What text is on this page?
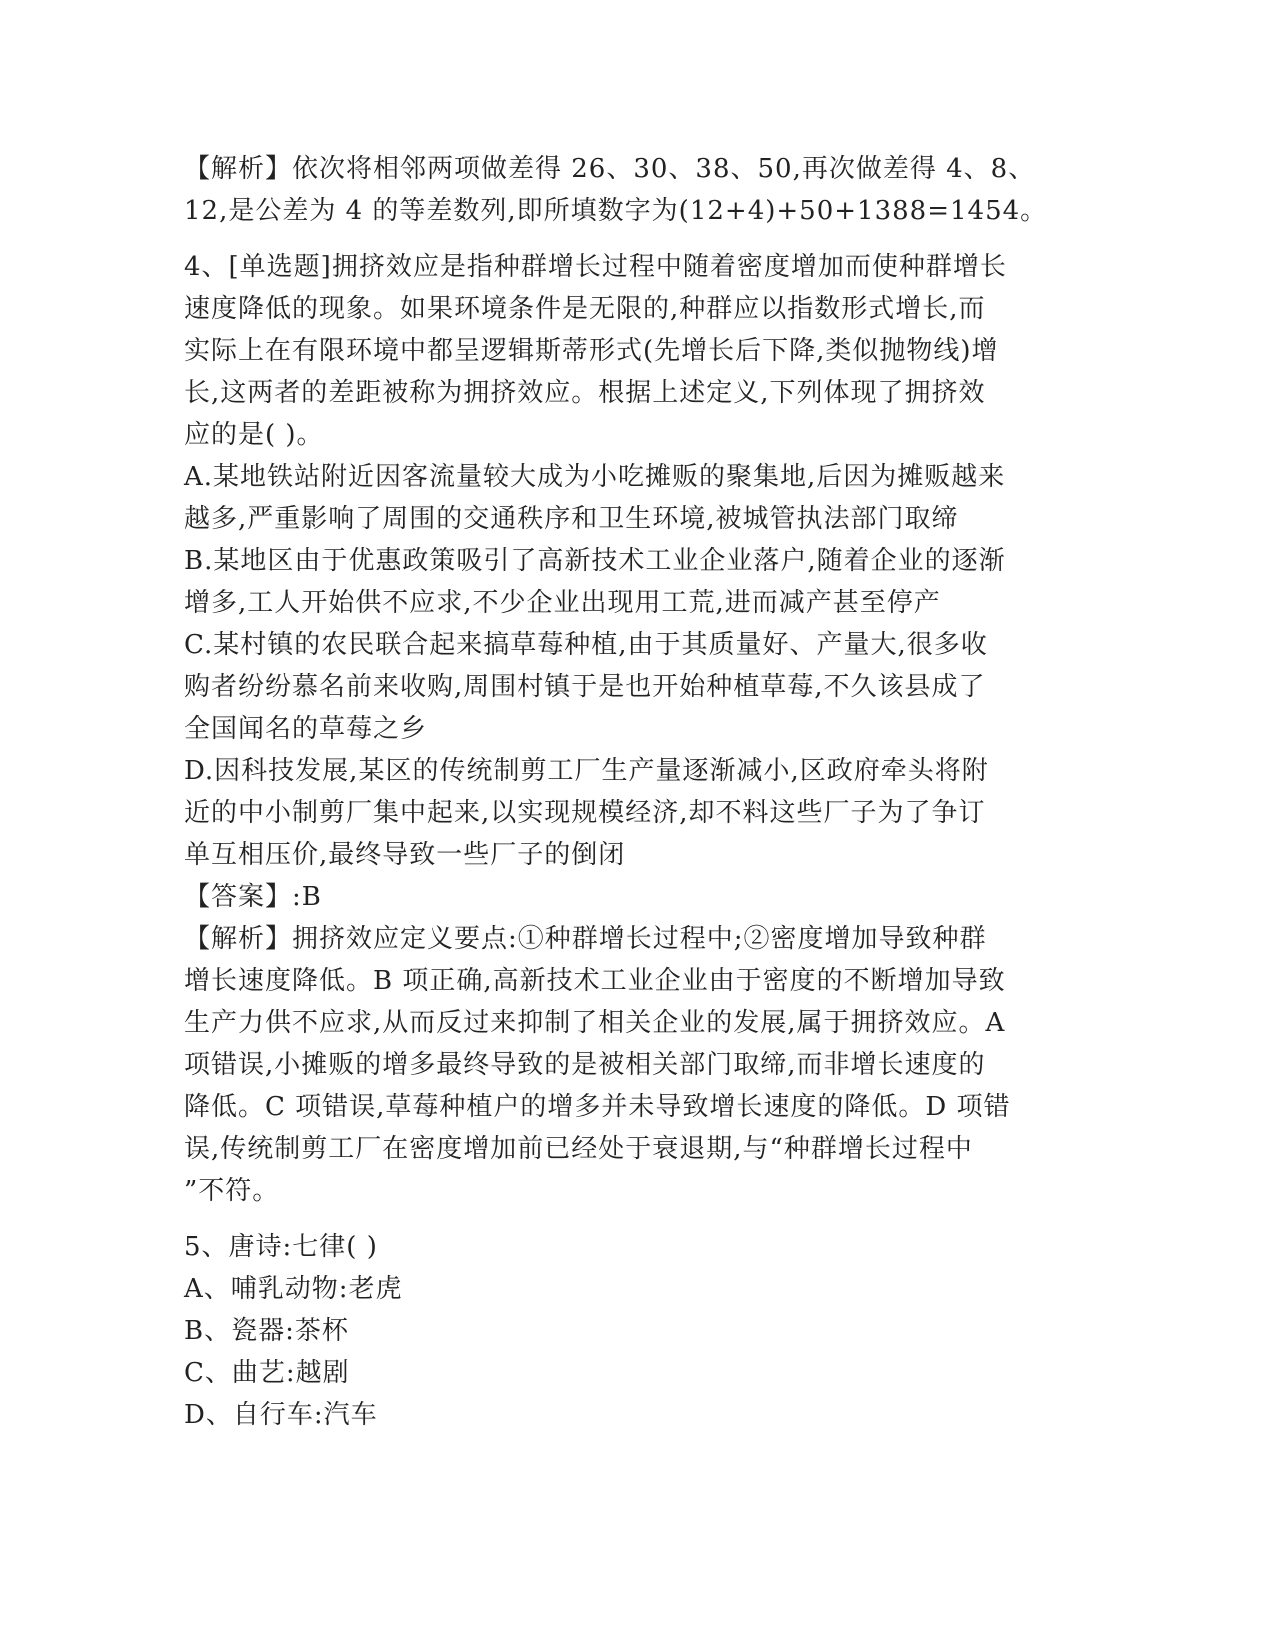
【解析】依次将相邻两项做差得 26、30、38、50,再次做差得 4、8、
12,是公差为 4 的等差数列,即所填数字为(12+4)+50+1388=1454。
4、[单选题]拥挤效应是指种群增长过程中随着密度增加而使种群增长
速度降低的现象。如果环境条件是无限的,种群应以指数形式增长,而
实际上在有限环境中都呈逻辑斯蒂形式(先增长后下降,类似抛物线)增
长,这两者的差距被称为拥挤效应。根据上述定义,下列体现了拥挤效
应的是( )。
A.某地铁站附近因客流量较大成为小吃摊贩的聚集地,后因为摊贩越来
越多,严重影响了周围的交通秩序和卫生环境,被城管执法部门取缔
B.某地区由于优惠政策吸引了高新技术工业企业落户,随着企业的逐渐
增多,工人开始供不应求,不少企业出现用工荒,进而减产甚至停产
C.某村镇的农民联合起来搞草莓种植,由于其质量好、产量大,很多收
购者纷纷慕名前来收购,周围村镇于是也开始种植草莓,不久该县成了
全国闻名的草莓之乡
D.因科技发展,某区的传统制剪工厂生产量逐渐减小,区政府牵头将附
近的中小制剪厂集中起来,以实现规模经济,却不料这些厂子为了争订
单互相压价,最终导致一些厂子的倒闭
【答案】:B
【解析】拥挤效应定义要点:①种群增长过程中;②密度增加导致种群
增长速度降低。B 项正确,高新技术工业企业由于密度的不断增加导致
生产力供不应求,从而反过来抑制了相关企业的发展,属于拥挤效应。A
项错误,小摊贩的增多最终导致的是被相关部门取缔,而非增长速度的
降低。C 项错误,草莓种植户的增多并未导致增长速度的降低。D 项错
误,传统制剪工厂在密度增加前已经处于衰退期,与“种群增长过程中
”不符。
5、唐诗:七律( )
A、哺乳动物:老虎
B、瓷器:茶杯
C、曲艺:越剧
D、自行车:汽车
